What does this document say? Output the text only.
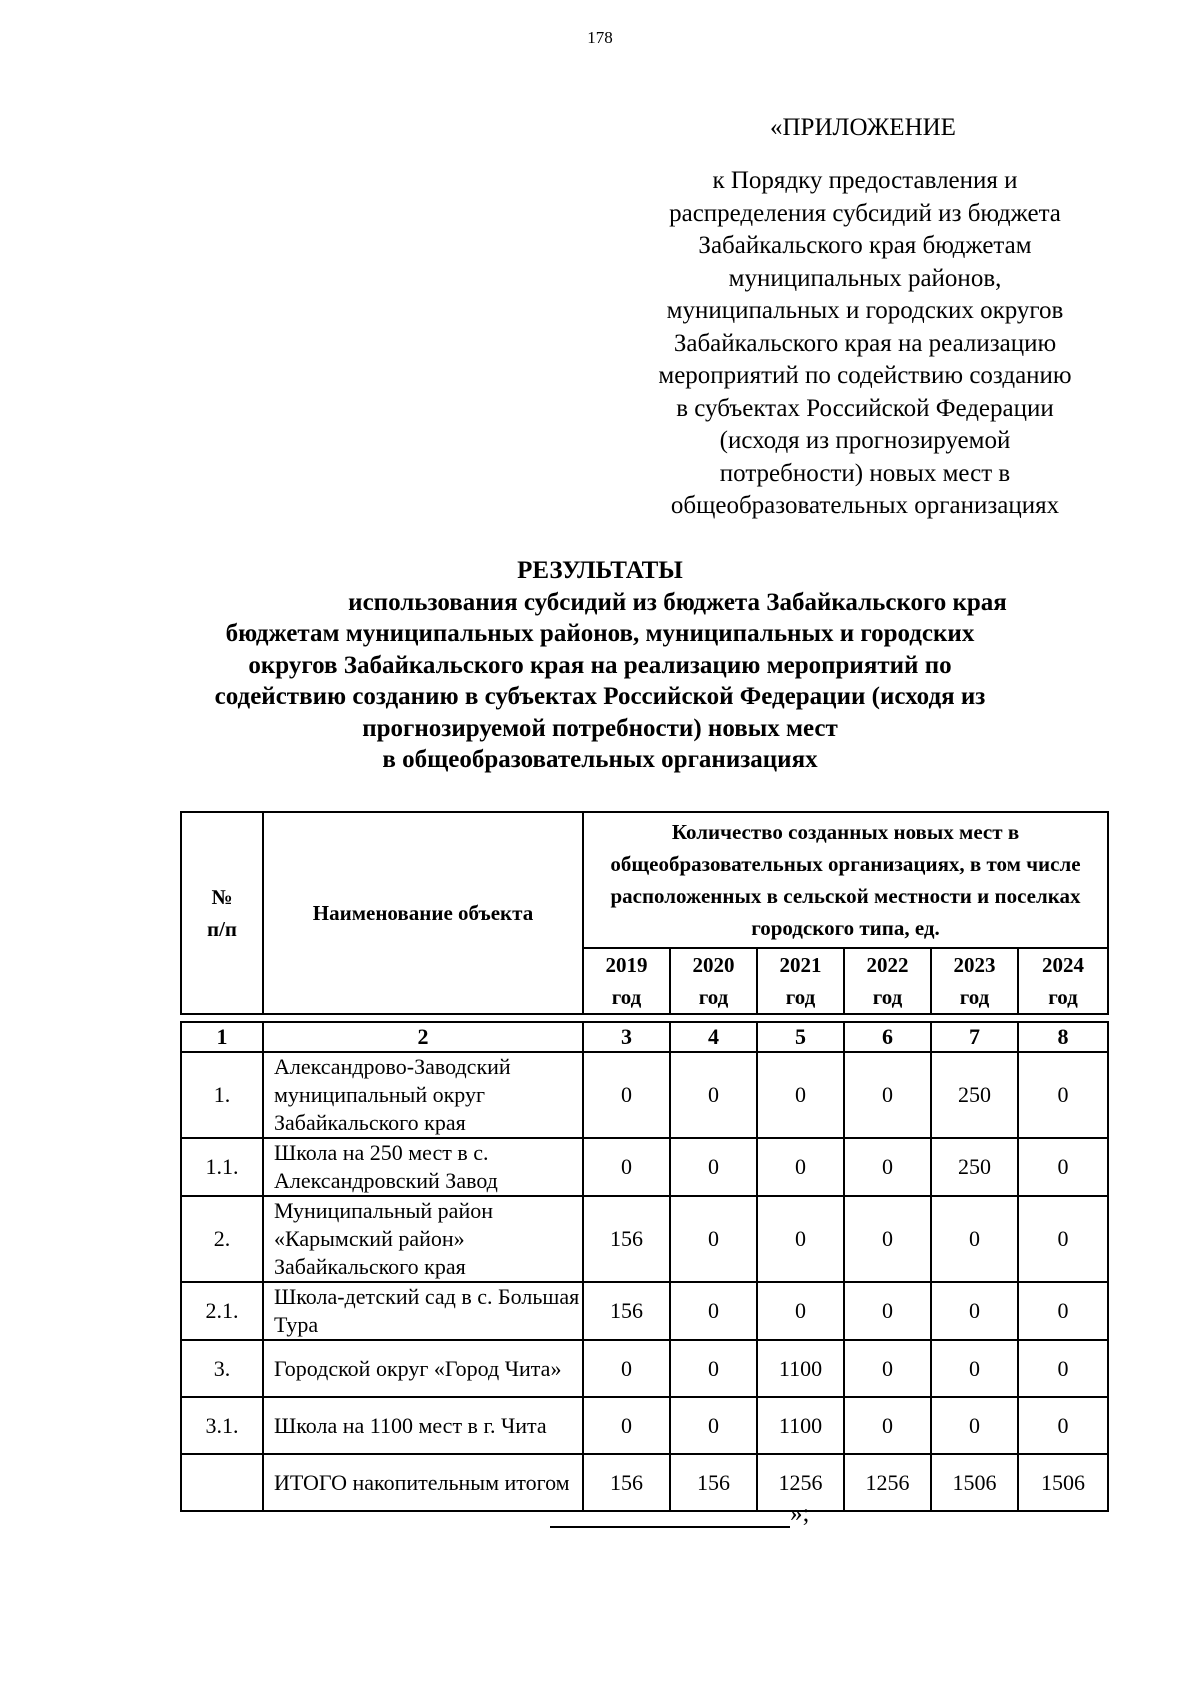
178
«ПРИЛОЖЕНИЕ
к Порядку предоставления и
распределения субсидий из бюджета
Забайкальского края бюджетам
муниципальных районов,
муниципальных и городских округов
Забайкальского края на реализацию
мероприятий по содействию созданию
в субъектах Российской Федерации
(исходя из прогнозируемой
потребности) новых мест в
общеобразовательных организациях
РЕЗУЛЬТАТЫ
использования субсидий из бюджета Забайкальского края
бюджетам муниципальных районов, муниципальных и городских
округов Забайкальского края на реализацию мероприятий по
содействию созданию в субъектах Российской Федерации (исходя из
прогнозируемой потребности) новых мест
в общеобразовательных организациях
№ п/п	Наименование объекта	Количество созданных новых мест в общеобразовательных организациях, в том числе расположенных в сельской местности и поселках городского типа, ед.					
		2019 год	2020 год	2021 год	2022 год	2023 год	2024 год

1	2	3	4	5	6	7	8
1.	Александрово-Заводский муниципальный округ Забайкальского края	0	0	0	0	250	0
1.1.	Школа на 250 мест в с. Александровский Завод	0	0	0	0	250	0
2.	Муниципальный район «Карымский район» Забайкальского края	156	0	0	0	0	0
2.1.	Школа-детский сад в с. Большая Тура	156	0	0	0	0	0
3.	Городской округ «Город Чита»	0	0	1100	0	0	0
3.1.	Школа на 1100 мест в г. Чита	0	0	1100	0	0	0
	ИТОГО накопительным итогом	156	156	1256	1256	1506	1506
»;
